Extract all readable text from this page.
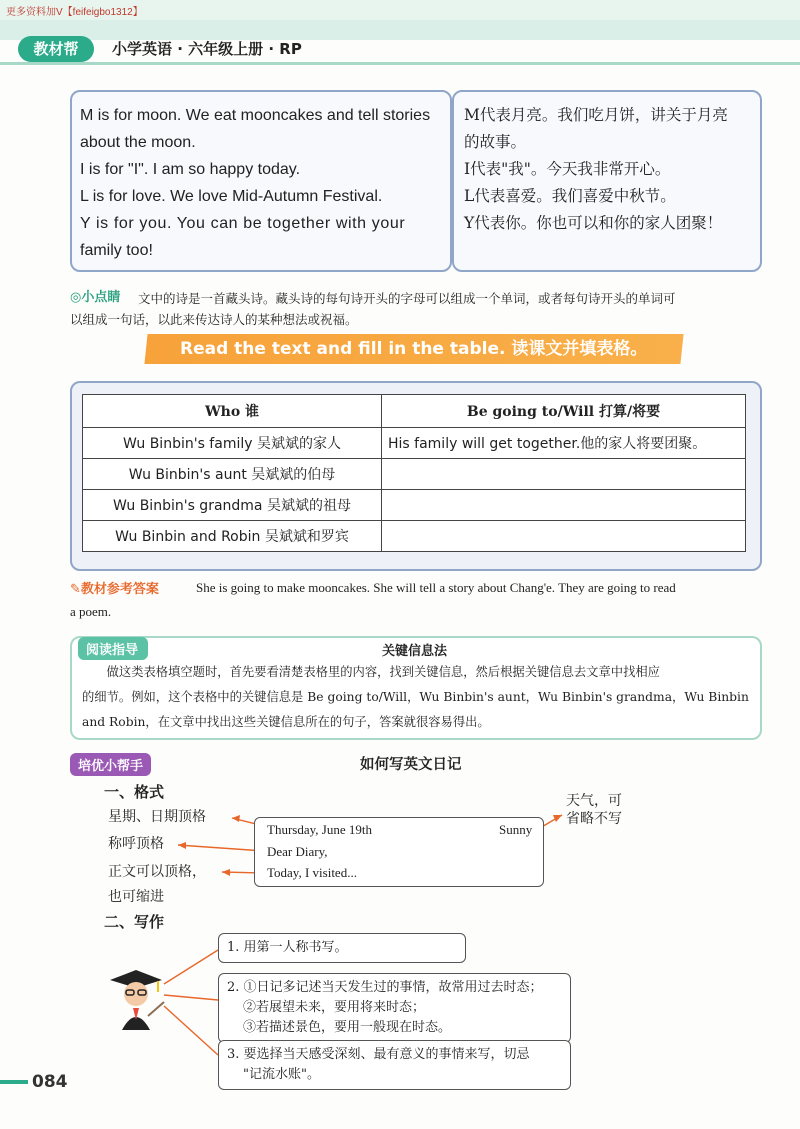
更多资料加V【feifeigbo1312】
教材帮	小学英语 · 六年级上册 · RP
M is for moon. We eat mooncakes and tell stories
about the moon.
I is for "I". I am so happy today.
L is for love. We love Mid-Autumn Festival.
Y is for you. You can be together with your
family too!
M代表月亮。我们吃月饼，讲关于月亮
的故事。
I代表"我"。今天我非常开心。
L代表喜爱。我们喜爱中秋节。
Y代表你。你也可以和你的家人团聚！
◎小点睛 文中的诗是一首藏头诗。藏头诗的每句诗开头的字母可以组成一个单词，或者每句诗开头的单词可
以组成一句话，以此来传达诗人的某种想法或祝福。
Read the text and fill in the table. 读课文并填表格。
Who 谁	Be going to/Will 打算/将要
Wu Binbin's family 吴斌斌的家人	His family will get together.他的家人将要团聚。
Wu Binbin's aunt 吴斌斌的伯母	
Wu Binbin's grandma 吴斌斌的祖母	
Wu Binbin and Robin 吴斌斌和罗宾	
✎教材参考答案	She is going to make mooncakes. She will tell a story about Chang'e. They are going to read
a poem.
阅读指导	关键信息法
做这类表格填空题时，首先要看清楚表格里的内容，找到关键信息，然后根据关键信息去文章中找相应
的细节。例如，这个表格中的关键信息是 Be going to/Will，Wu Binbin's aunt，Wu Binbin's grandma，Wu Binbin
and Robin，在文章中找出这些关键信息所在的句子，答案就很容易得出。
培优小帮手	如何写英文日记
一、格式
星期、日期顶格
称呼顶格
正文可以顶格，
也可缩进
天气，可
省略不写
Thursday, June 19th	Sunny
Dear Diary,
Today, I visited...
二、写作
1. 用第一人称书写。
2. ①日记多记述当天发生过的事情，故常用过去时态；
②若展望未来，要用将来时态；
③若描述景色，要用一般现在时态。
3. 要选择当天感受深刻、最有意义的事情来写，切忌
"记流水账"。
084
